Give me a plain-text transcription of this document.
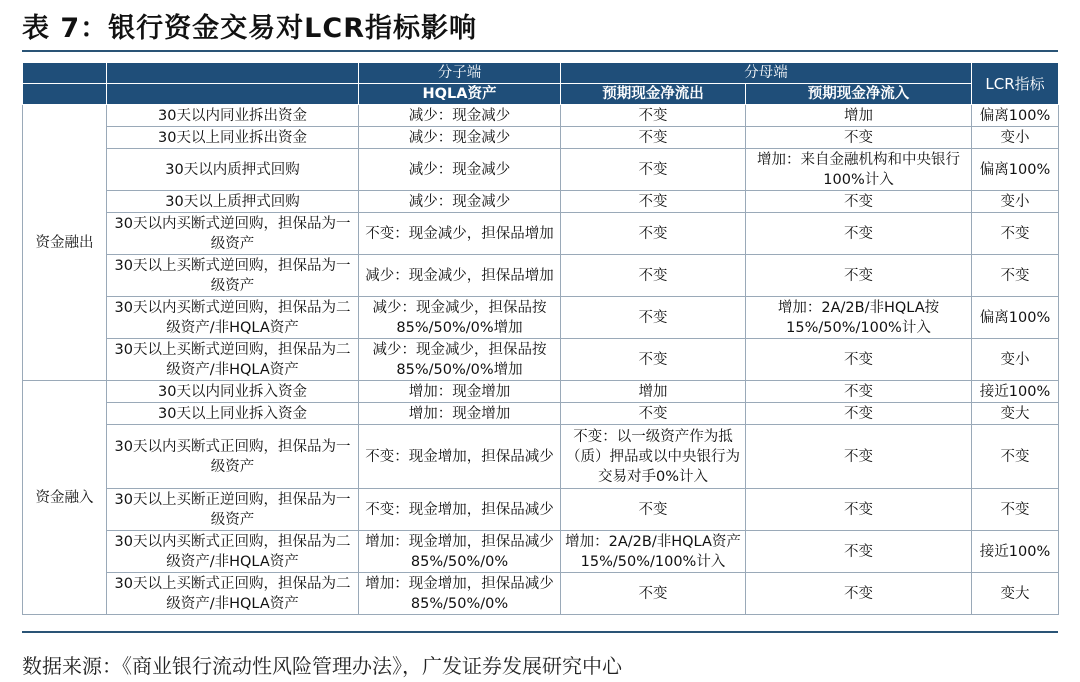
表 7：银行资金交易对LCR指标影响
		分子端	分母端		LCR指标
		HQLA资产	预期现金净流出	预期现金净流入	
资金融出	30天以内同业拆出资金	减少：现金减少	不变	增加	偏离100%
	30天以上同业拆出资金	减少：现金减少	不变	不变	变小
	30天以内质押式回购	减少：现金减少	不变	增加：来自金融机构和中央银行100%计入	偏离100%
	30天以上质押式回购	减少：现金减少	不变	不变	变小
	30天以内买断式逆回购，担保品为一级资产	不变：现金减少，担保品增加	不变	不变	不变
	30天以上买断式逆回购，担保品为一级资产	减少：现金减少，担保品增加	不变	不变	不变
	30天以内买断式逆回购，担保品为二级资产/非HQLA资产	减少：现金减少，担保品按85%/50%/0%增加	不变	增加：2A/2B/非HQLA按15%/50%/100%计入	偏离100%
	30天以上买断式逆回购，担保品为二级资产/非HQLA资产	减少：现金减少，担保品按85%/50%/0%增加	不变	不变	变小
资金融入	30天以内同业拆入资金	增加：现金增加	增加	不变	接近100%
	30天以上同业拆入资金	增加：现金增加	不变	不变	变大
	30天以内买断式正回购，担保品为一级资产	不变：现金增加，担保品减少	不变：以一级资产作为抵（质）押品或以中央银行为交易对手0%计入	不变	不变
	30天以上买断正逆回购，担保品为一级资产	不变：现金增加，担保品减少	不变	不变	不变
	30天以内买断式正回购，担保品为二级资产/非HQLA资产	增加：现金增加，担保品减少85%/50%/0%	增加：2A/2B/非HQLA资产15%/50%/100%计入	不变	接近100%
	30天以上买断式正回购，担保品为二级资产/非HQLA资产	增加：现金增加，担保品减少85%/50%/0%	不变	不变	变大
数据来源：《商业银行流动性风险管理办法》，广发证券发展研究中心
